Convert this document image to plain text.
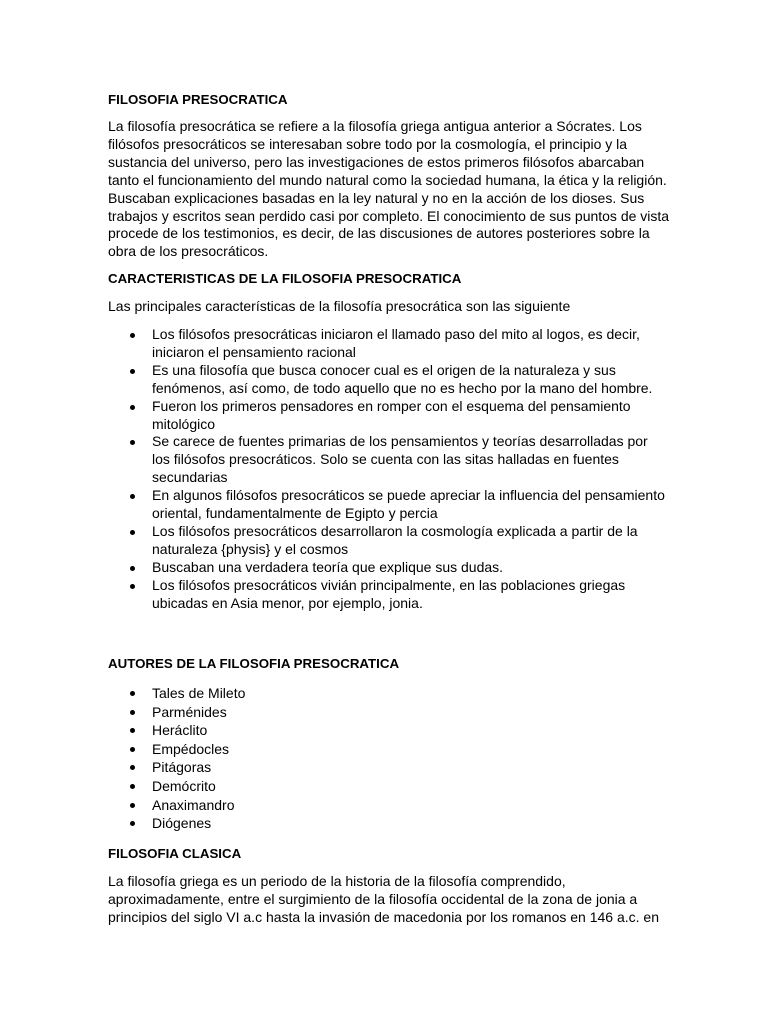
FILOSOFIA PRESOCRATICA

La filosofía presocrática se refiere a la filosofía griega antigua anterior a Sócrates. Los
filósofos presocráticos se interesaban sobre todo por la cosmología, el principio y la
sustancia del universo, pero las investigaciones de estos primeros filósofos abarcaban
tanto el funcionamiento del mundo natural como la sociedad humana, la ética y la religión.
Buscaban explicaciones basadas en la ley natural y no en la acción de los dioses. Sus
trabajos y escritos sean perdido casi por completo. El conocimiento de sus puntos de vista
procede de los testimonios, es decir, de las discusiones de autores posteriores sobre la
obra de los presocráticos.

CARACTERISTICAS DE LA FILOSOFIA PRESOCRATICA

Las principales características de la filosofía presocrática son las siguiente

Los filósofos presocráticas iniciaron el llamado paso del mito al logos, es decir,
iniciaron el pensamiento racional
Es una filosofía que busca conocer cual es el origen de la naturaleza y sus
fenómenos, así como, de todo aquello que no es hecho por la mano del hombre.
Fueron los primeros pensadores en romper con el esquema del pensamiento
mitológico
Se carece de fuentes primarias de los pensamientos y teorías desarrolladas por
los filósofos presocráticos. Solo se cuenta con las sitas halladas en fuentes
secundarias
En algunos filósofos presocráticos se puede apreciar la influencia del pensamiento
oriental, fundamentalmente de Egipto y percia
Los filósofos presocráticos desarrollaron la cosmología explicada a partir de la
naturaleza {physis} y el cosmos
Buscaban una verdadera teoría que explique sus dudas.
Los filósofos presocráticos vivián principalmente, en las poblaciones griegas
ubicadas en Asia menor, por ejemplo, jonia.
AUTORES DE LA FILOSOFIA PRESOCRATICA
Tales de Mileto
Parménides
Heráclito
Empédocles
Pitágoras
Demócrito
Anaximandro
Diógenes
FILOSOFIA CLASICA

La filosofía griega es un periodo de la historia de la filosofía comprendido,
aproximadamente, entre el surgimiento de la filosofía occidental de la zona de jonia a
principios del siglo VI a.c hasta la invasión de macedonia por los romanos en 146 a.c. en
